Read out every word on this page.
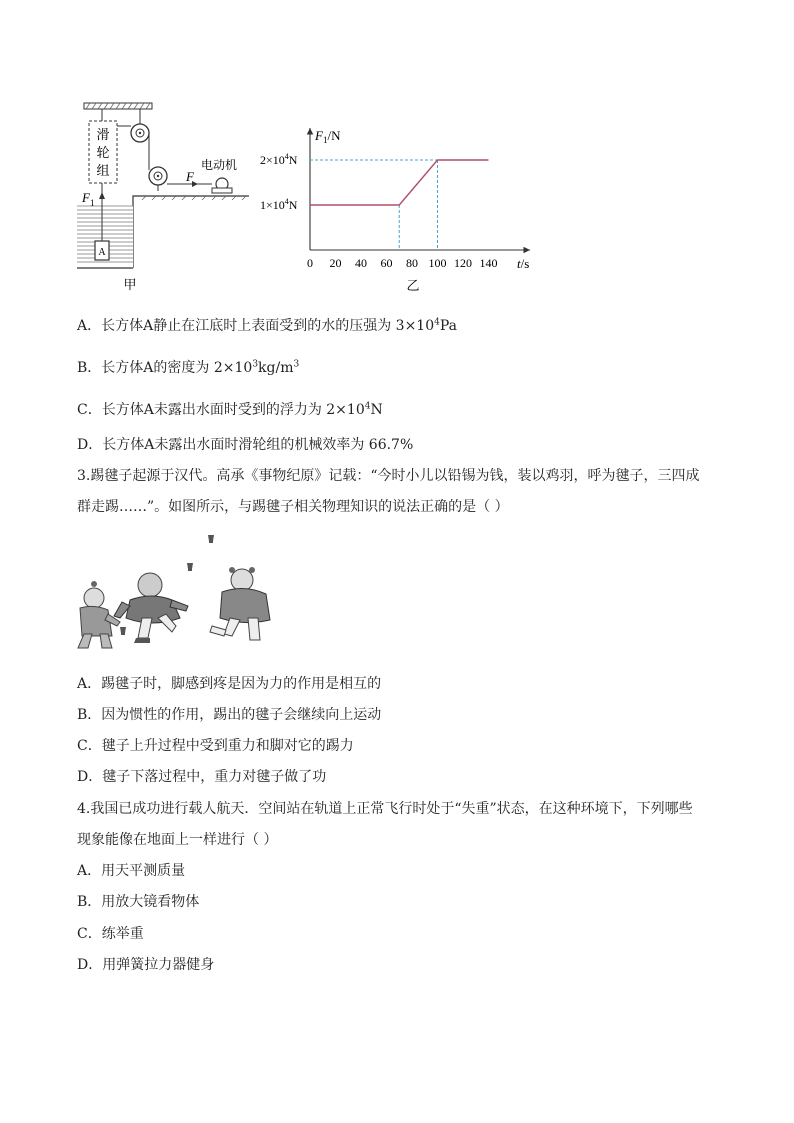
滑
轮
组	F
电动机
F 1
A
甲
$F_1/N$
t/s
$1\times 10^4N$
$2\times 10^4N$
0 20 40 60 80 100 120 140
乙
A．长方体A静止在江底时上表面受到的水的压强为 $3\times 10^4Pa$
B．长方体A的密度为 $2\times 10^3kg/m^3$
C．长方体A未露出水面时受到的浮力为 $2\times 10^4N$
D．长方体A未露出水面时滑轮组的机械效率为 66.7%
3.踢毽子起源于汉代。高承《事物纪原》记载：“今时小儿以铅锡为钱，装以鸡羽，呼为毽子，三四成
群走踢……”。如图所示，与踢毽子相关物理知识的说法正确的是（ ）
A．踢毽子时，脚感到疼是因为力的作用是相互的
B．因为惯性的作用，踢出的毽子会继续向上运动
C．毽子上升过程中受到重力和脚对它的踢力
D．毽子下落过程中，重力对毽子做了功
4.我国已成功进行载人航天．空间站在轨道上正常飞行时处于“失重”状态，在这种环境下，下列哪些
现象能像在地面上一样进行（ ）
A．用天平测质量
B．用放大镜看物体
C．练举重
D．用弹簧拉力器健身
